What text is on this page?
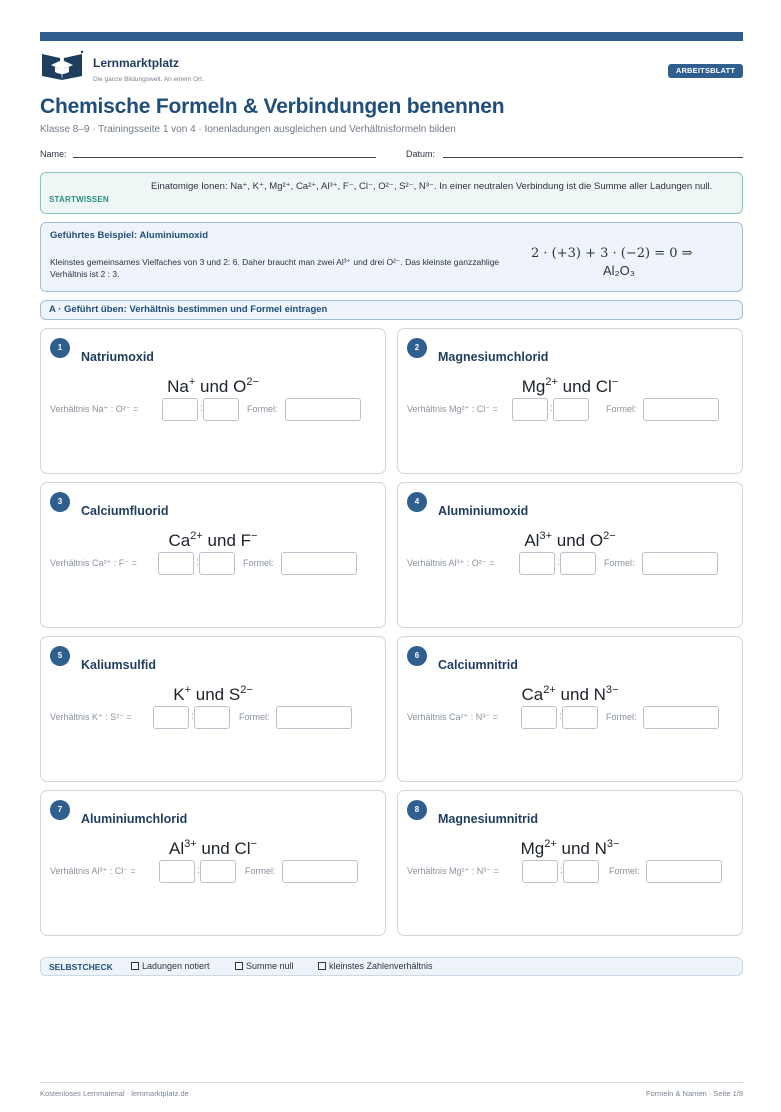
Lernmarktplatz
Die ganze Bildungswelt. An einem Ort.
ARBEITSBLATT
Chemische Formeln & Verbindungen benennen
Klasse 8–9 · Trainingsseite 1 von 4 · Ionenladungen ausgleichen und Verhältnisformeln bilden
Name:	Datum:
STARTWISSEN
Einatomige Ionen: Na⁺, K⁺, Mg²⁺, Ca²⁺, Al³⁺, F⁻, Cl⁻, O²⁻, S²⁻, N³⁻. In einer neutralen Verbindung ist die Summe aller Ladungen null.
Geführtes Beispiel: Aluminiumoxid
Kleinstes gemeinsames Vielfaches von 3 und 2: 6. Daher braucht man zwei Al³⁺ und drei O²⁻. Das kleinste ganzzahlige Verhältnis ist 2 : 3.
2 · (+3) + 3 · (−2) = 0 ⇒
Al₂O₃
A · Geführt üben: Verhältnis bestimmen und Formel eintragen
1
Natriumoxid
Na+ und $O^{2-}$
Verhältnis Na⁺ : O²⁻ =	:	Formel:
2
Magnesiumchlorid
$Mg^{2+}$ und Cl−
Verhältnis Mg²⁺ : Cl⁻ =	:	Formel:
3
Calciumfluorid
$Ca^{2+}$ und F−
Verhältnis Ca²⁺ : F⁻ =	:	Formel:
4
Aluminiumoxid
$Al^{3+}$ und $O^{2-}$
Verhältnis Al³⁺ : O²⁻ =	:	Formel:
5
Kaliumsulfid
K+ und $S^{2-}$
Verhältnis K⁺ : S²⁻ =	:	Formel:
6
Calciumnitrid
$Ca^{2+}$ und $N^{3-}$
Verhältnis Ca²⁺ : N³⁻ =	:	Formel:
7
Aluminiumchlorid
$Al^{3+}$ und Cl−
Verhältnis Al³⁺ : Cl⁻ =	:	Formel:
8
Magnesiumnitrid
$Mg^{2+}$ und $N^{3-}$
Verhältnis Mg²⁺ : N³⁻ =	:	Formel:
SELBSTCHECK	Ladungen notiert	Summe null	kleinstes Zahlenverhältnis
Kostenloses Lernmaterial · lernmarktplatz.de	Formeln & Namen · Seite 1/8
